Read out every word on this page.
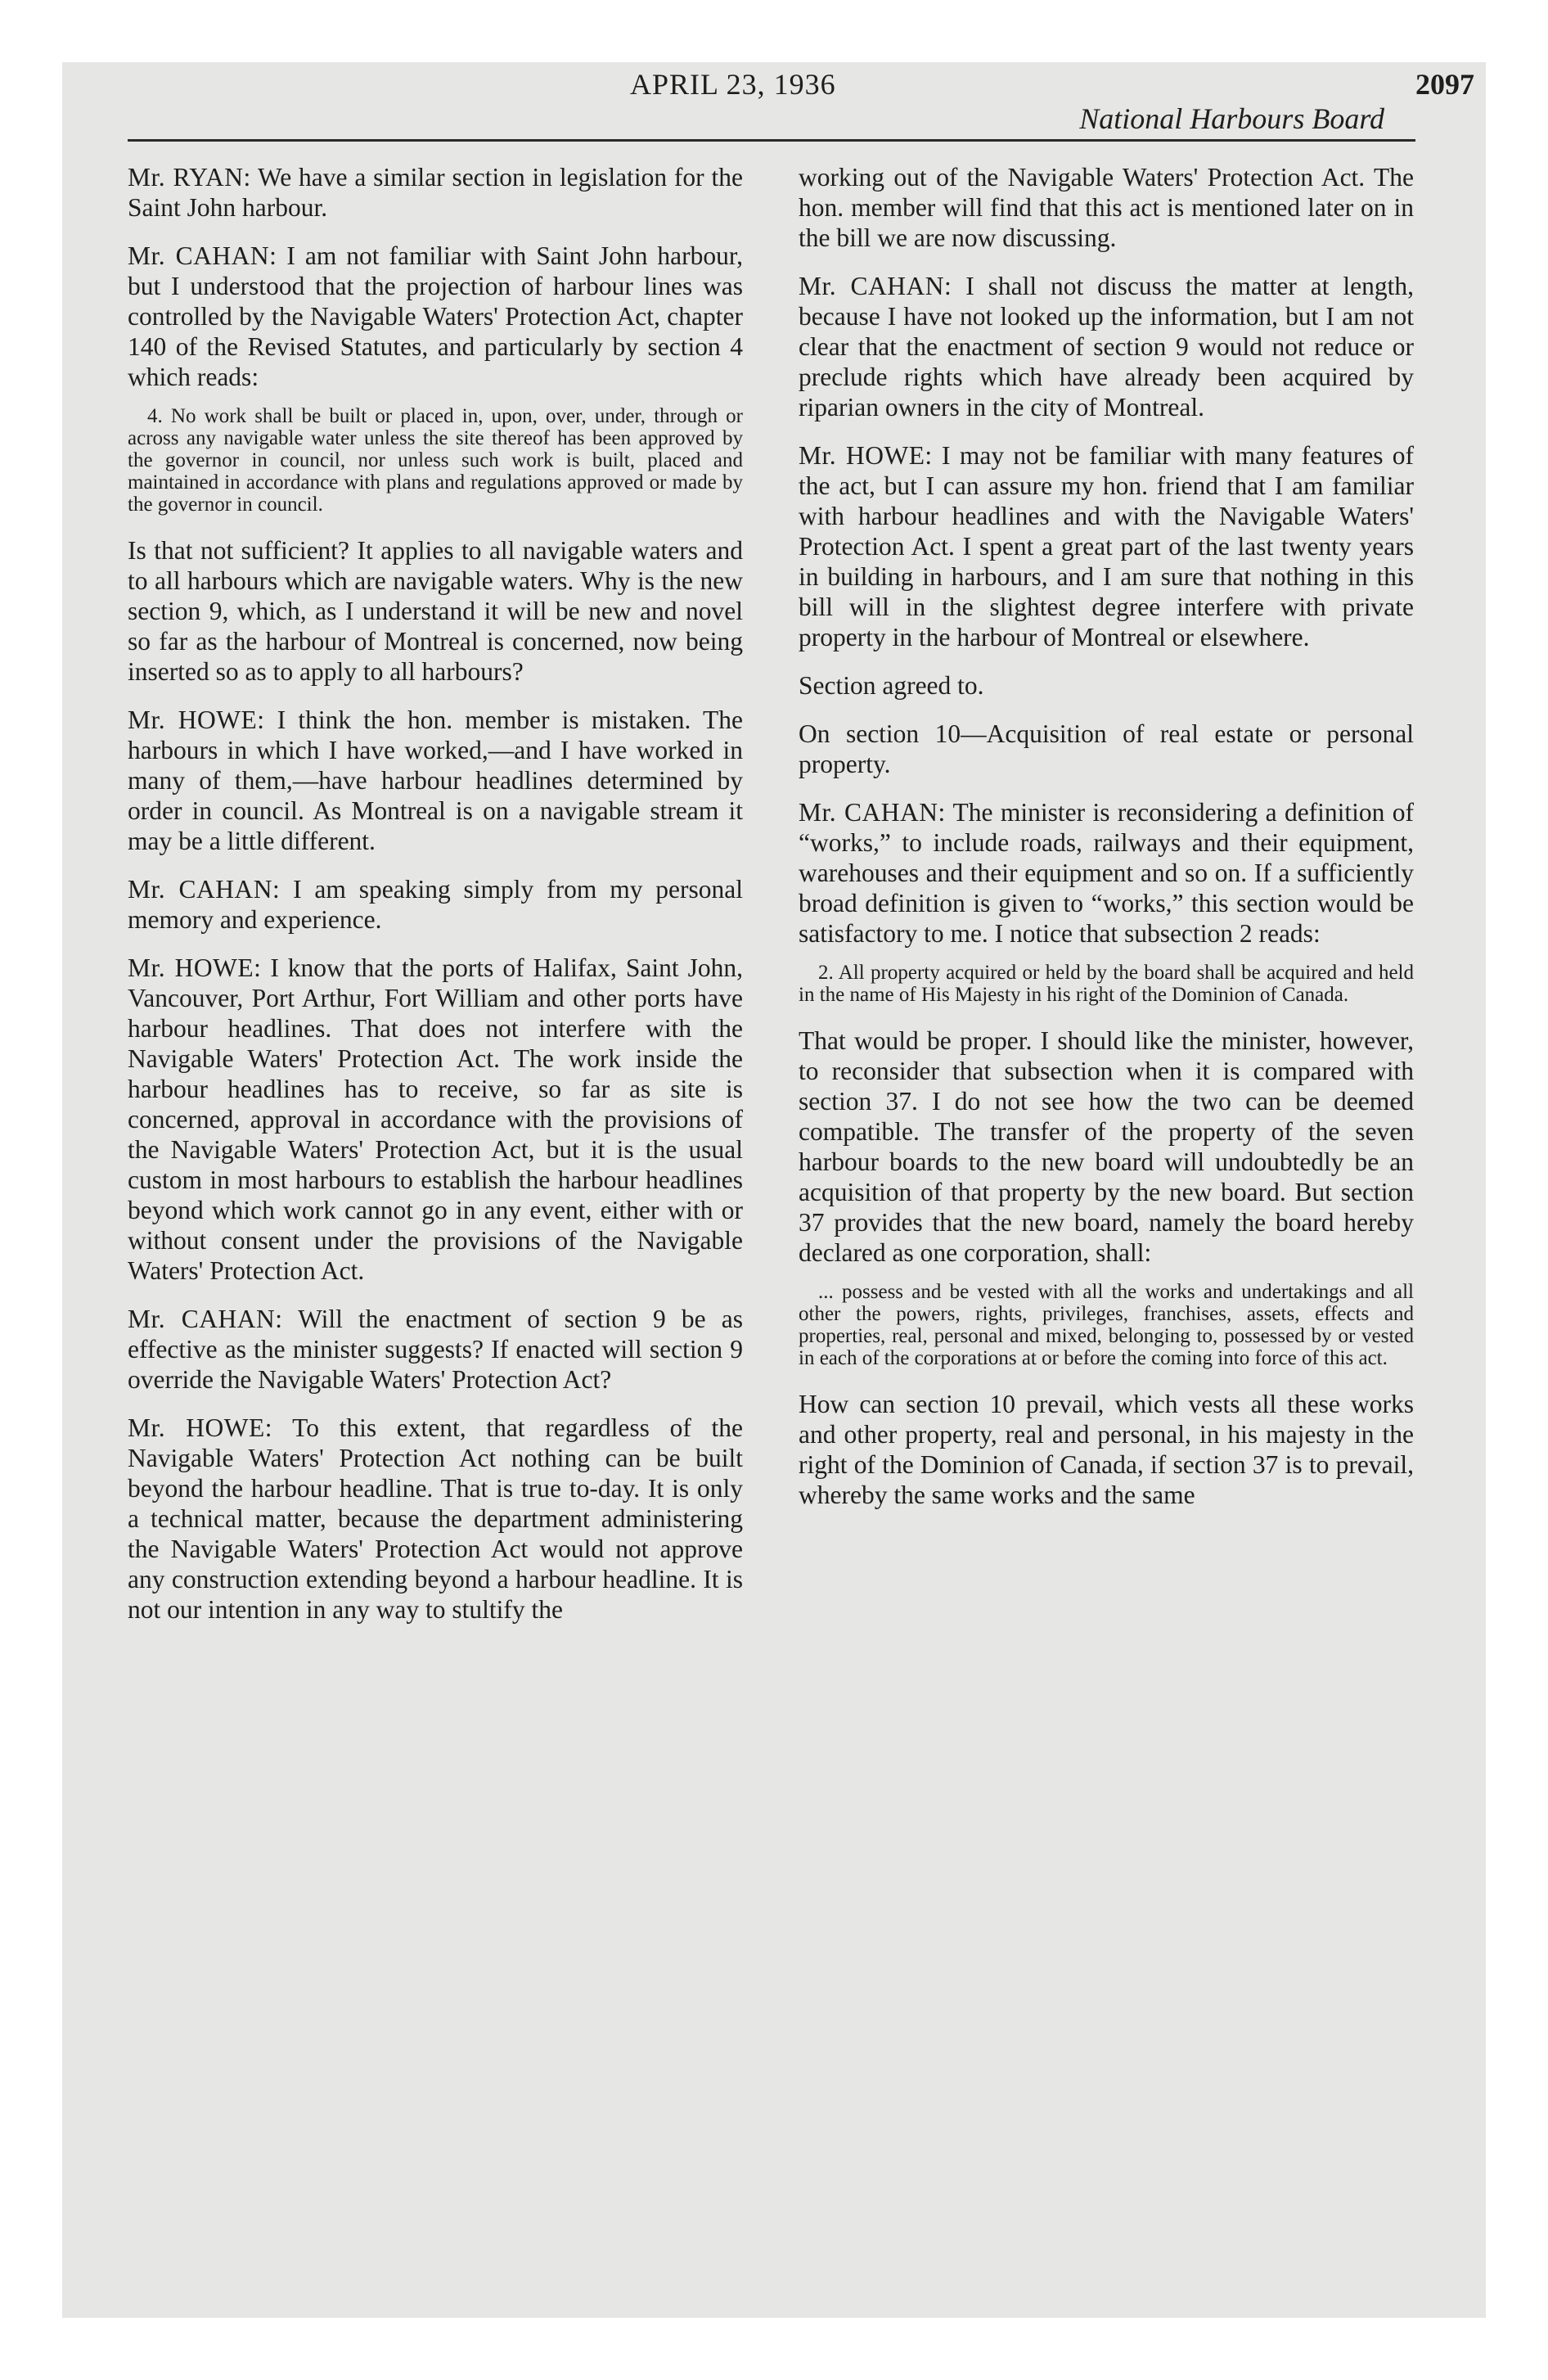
APRIL 23, 1936	2097
National Harbours Board

Mr. RYAN: We have a similar section in legislation for the Saint John harbour.

Mr. CAHAN: I am not familiar with Saint John harbour, but I understood that the projection of harbour lines was controlled by the Navigable Waters' Protection Act, chapter 140 of the Revised Statutes, and particularly by section 4 which reads:

4. No work shall be built or placed in, upon, over, under, through or across any navigable water unless the site thereof has been approved by the governor in council, nor unless such work is built, placed and maintained in accordance with plans and regulations approved or made by the governor in council.

Is that not sufficient? It applies to all navigable waters and to all harbours which are navigable waters. Why is the new section 9, which, as I understand it will be new and novel so far as the harbour of Montreal is concerned, now being inserted so as to apply to all harbours?

Mr. HOWE: I think the hon. member is mistaken. The harbours in which I have worked,—and I have worked in many of them,—have harbour headlines determined by order in council. As Montreal is on a navigable stream it may be a little different.

Mr. CAHAN: I am speaking simply from my personal memory and experience.

Mr. HOWE: I know that the ports of Halifax, Saint John, Vancouver, Port Arthur, Fort William and other ports have harbour headlines. That does not interfere with the Navigable Waters' Protection Act. The work inside the harbour headlines has to receive, so far as site is concerned, approval in accordance with the provisions of the Navigable Waters' Protection Act, but it is the usual custom in most harbours to establish the harbour headlines beyond which work cannot go in any event, either with or without consent under the provisions of the Navigable Waters' Protection Act.

Mr. CAHAN: Will the enactment of section 9 be as effective as the minister suggests? If enacted will section 9 override the Navigable Waters' Protection Act?

Mr. HOWE: To this extent, that regardless of the Navigable Waters' Protection Act nothing can be built beyond the harbour headline. That is true to-day. It is only a technical matter, because the department administering the Navigable Waters' Protection Act would not approve any construction extending beyond a harbour headline. It is not our intention in any way to stultify the

working out of the Navigable Waters' Protection Act. The hon. member will find that this act is mentioned later on in the bill we are now discussing.

Mr. CAHAN: I shall not discuss the matter at length, because I have not looked up the information, but I am not clear that the enactment of section 9 would not reduce or preclude rights which have already been acquired by riparian owners in the city of Montreal.

Mr. HOWE: I may not be familiar with many features of the act, but I can assure my hon. friend that I am familiar with harbour headlines and with the Navigable Waters' Protection Act. I spent a great part of the last twenty years in building in harbours, and I am sure that nothing in this bill will in the slightest degree interfere with private property in the harbour of Montreal or elsewhere.

Section agreed to.

On section 10—Acquisition of real estate or personal property.

Mr. CAHAN: The minister is reconsidering a definition of “works,” to include roads, railways and their equipment, warehouses and their equipment and so on. If a sufficiently broad definition is given to “works,” this section would be satisfactory to me. I notice that subsection 2 reads:

2. All property acquired or held by the board shall be acquired and held in the name of His Majesty in his right of the Dominion of Canada.

That would be proper. I should like the minister, however, to reconsider that subsection when it is compared with section 37. I do not see how the two can be deemed compatible. The transfer of the property of the seven harbour boards to the new board will undoubtedly be an acquisition of that property by the new board. But section 37 provides that the new board, namely the board hereby declared as one corporation, shall:

... possess and be vested with all the works and undertakings and all other the powers, rights, privileges, franchises, assets, effects and properties, real, personal and mixed, belonging to, possessed by or vested in each of the corporations at or before the coming into force of this act.

How can section 10 prevail, which vests all these works and other property, real and personal, in his majesty in the right of the Dominion of Canada, if section 37 is to prevail, whereby the same works and the same
